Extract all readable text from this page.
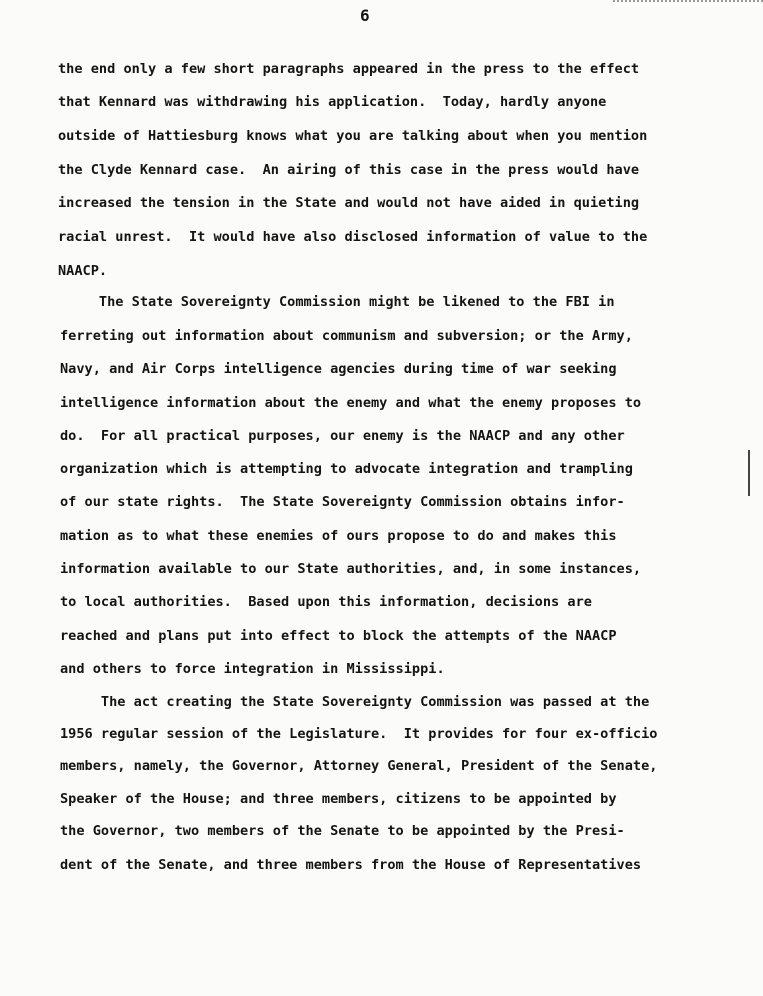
6
the end only a few short paragraphs appeared in the press to the effect
that Kennard was withdrawing his application.  Today, hardly anyone
outside of Hattiesburg knows what you are talking about when you mention
the Clyde Kennard case.  An airing of this case in the press would have
increased the tension in the State and would not have aided in quieting
racial unrest.  It would have also disclosed information of value to the
NAACP.
The State Sovereignty Commission might be likened to the FBI in
ferreting out information about communism and subversion; or the Army,
Navy, and Air Corps intelligence agencies during time of war seeking
intelligence information about the enemy and what the enemy proposes to
do.  For all practical purposes, our enemy is the NAACP and any other
organization which is attempting to advocate integration and trampling
of our state rights.  The State Sovereignty Commission obtains infor-
mation as to what these enemies of ours propose to do and makes this
information available to our State authorities, and, in some instances,
to local authorities.  Based upon this information, decisions are
reached and plans put into effect to block the attempts of the NAACP
and others to force integration in Mississippi.
The act creating the State Sovereignty Commission was passed at the
1956 regular session of the Legislature.  It provides for four ex-officio
members, namely, the Governor, Attorney General, President of the Senate,
Speaker of the House; and three members, citizens to be appointed by
the Governor, two members of the Senate to be appointed by the Presi-
dent of the Senate, and three members from the House of Representatives
